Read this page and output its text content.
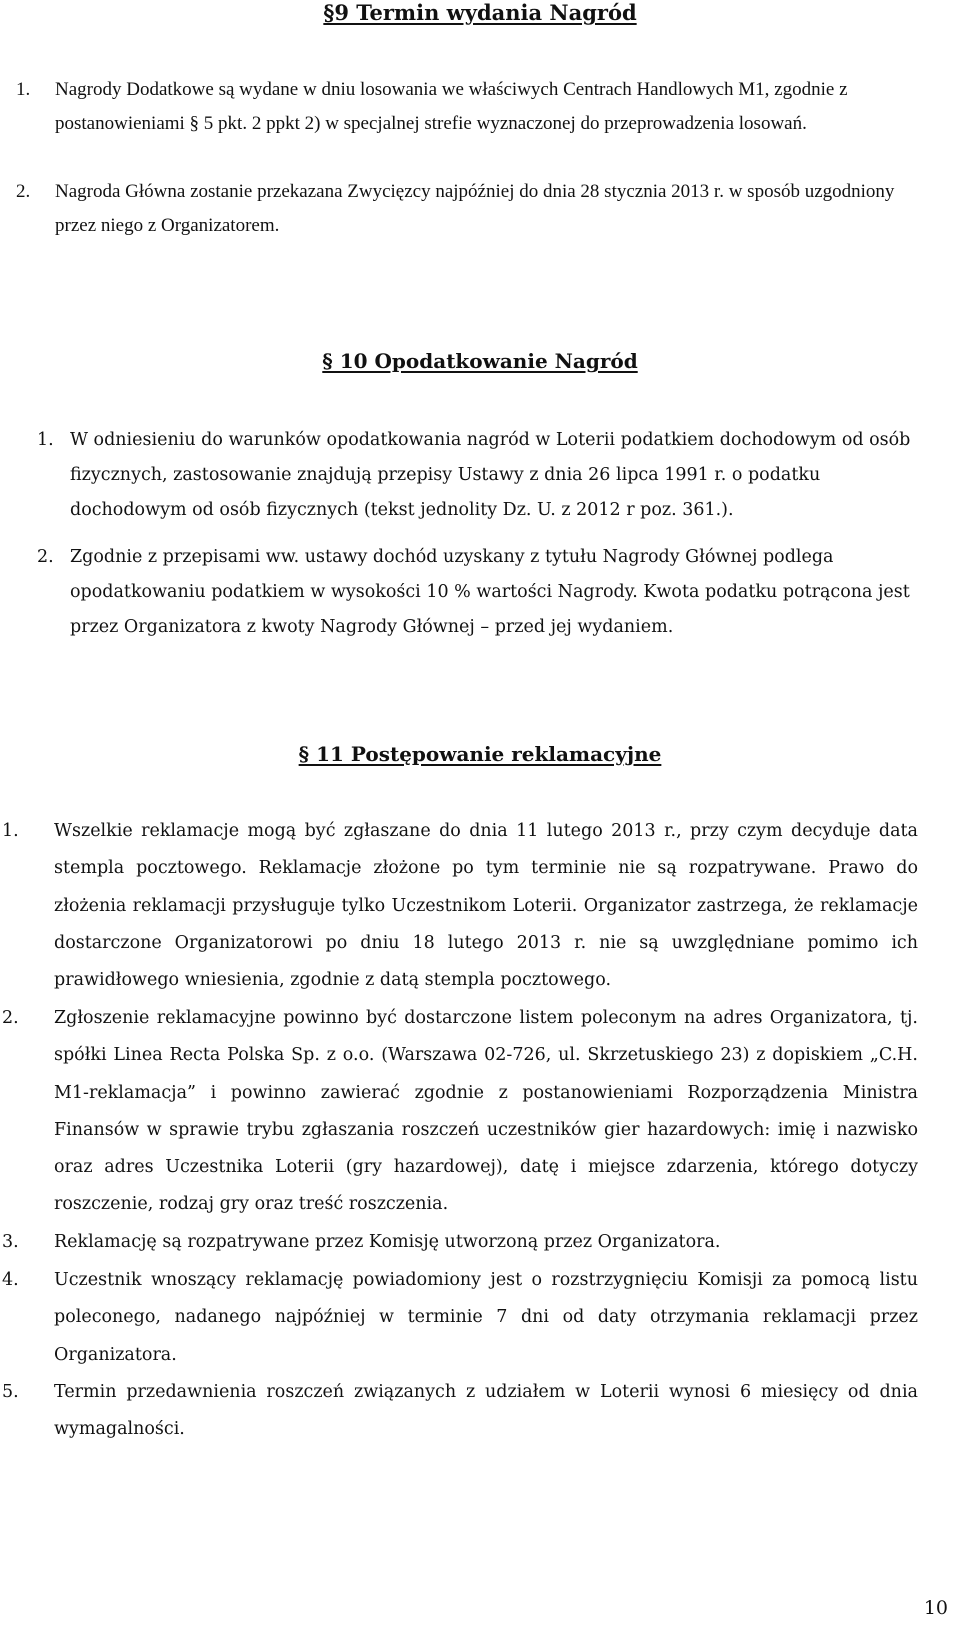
§9 Termin wydania Nagród
1. Nagrody Dodatkowe są wydane w dniu losowania we właściwych Centrach Handlowych M1, zgodnie z postanowieniami § 5 pkt. 2 ppkt 2) w specjalnej strefie wyznaczonej do przeprowadzenia losowań.
2. Nagroda Główna zostanie przekazana Zwycięzcy najpóźniej do dnia 28 stycznia 2013 r. w sposób uzgodniony przez niego z Organizatorem.
§ 10 Opodatkowanie Nagród
1. W odniesieniu do warunków opodatkowania nagród w Loterii podatkiem dochodowym od osób fizycznych, zastosowanie znajdują przepisy Ustawy z dnia 26 lipca 1991 r. o podatku dochodowym od osób fizycznych (tekst jednolity Dz. U. z 2012 r poz. 361.).
2. Zgodnie z przepisami ww. ustawy dochód uzyskany z tytułu Nagrody Głównej podlega opodatkowaniu podatkiem w wysokości 10 % wartości Nagrody. Kwota podatku potrącona jest przez Organizatora z kwoty Nagrody Głównej – przed jej wydaniem.
§ 11 Postępowanie reklamacyjne
1. Wszelkie reklamacje mogą być zgłaszane do dnia 11 lutego 2013 r., przy czym decyduje data stempla pocztowego. Reklamacje złożone po tym terminie nie są rozpatrywane. Prawo do złożenia reklamacji przysługuje tylko Uczestnikom Loterii. Organizator zastrzega, że reklamacje dostarczone Organizatorowi po dniu 18 lutego 2013 r. nie są uwzględniane pomimo ich prawidłowego wniesienia, zgodnie z datą stempla pocztowego.
2. Zgłoszenie reklamacyjne powinno być dostarczone listem poleconym na adres Organizatora, tj. spółki Linea Recta Polska Sp. z o.o. (Warszawa 02-726, ul. Skrzetuskiego 23) z dopiskiem „C.H. M1-reklamacja” i powinno zawierać zgodnie z postanowieniami Rozporządzenia Ministra Finansów w sprawie trybu zgłaszania roszczeń uczestników gier hazardowych: imię i nazwisko oraz adres Uczestnika Loterii (gry hazardowej), datę i miejsce zdarzenia, którego dotyczy roszczenie, rodzaj gry oraz treść roszczenia.
3. Reklamację są rozpatrywane przez Komisję utworzoną przez Organizatora.
4. Uczestnik wnoszący reklamację powiadomiony jest o rozstrzygnięciu Komisji za pomocą listu poleconego, nadanego najpóźniej w terminie 7 dni od daty otrzymania reklamacji przez Organizatora.
5. Termin przedawnienia roszczeń związanych z udziałem w Loterii wynosi 6 miesięcy od dnia wymagalności.
10
